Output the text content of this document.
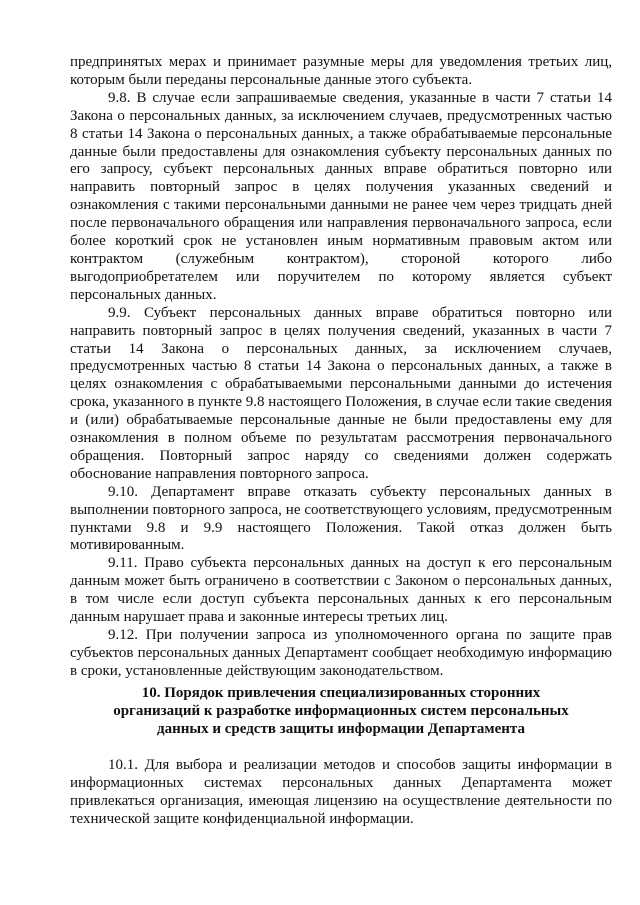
предпринятых мерах и принимает разумные меры для уведомления третьих лиц, которым были переданы персональные данные этого субъекта.

9.8. В случае если запрашиваемые сведения, указанные в части 7 статьи 14 Закона о персональных данных, за исключением случаев, предусмотренных частью 8 статьи 14 Закона о персональных данных, а также обрабатываемые персональные данные были предоставлены для ознакомления субъекту персональных данных по его запросу, субъект персональных данных вправе обратиться повторно или направить повторный запрос в целях получения указанных сведений и ознакомления с такими персональными данными не ранее чем через тридцать дней после первоначального обращения или направления первоначального запроса, если более короткий срок не установлен иным нормативным правовым актом или контрактом (служебным контрактом), стороной которого либо выгодоприобретателем или поручителем по которому является субъект персональных данных.

9.9. Субъект персональных данных вправе обратиться повторно или направить повторный запрос в целях получения сведений, указанных в части 7 статьи 14 Закона о персональных данных, за исключением случаев, предусмотренных частью 8 статьи 14 Закона о персональных данных, а также в целях ознакомления с обрабатываемыми персональными данными до истечения срока, указанного в пункте 9.8 настоящего Положения, в случае если такие сведения и (или) обрабатываемые персональные данные не были предоставлены ему для ознакомления в полном объеме по результатам рассмотрения первоначального обращения. Повторный запрос наряду со сведениями должен содержать обоснование направления повторного запроса.

9.10. Департамент вправе отказать субъекту персональных данных в выполнении повторного запроса, не соответствующего условиям, предусмотренным пунктами 9.8 и 9.9 настоящего Положения. Такой отказ должен быть мотивированным.

9.11. Право субъекта персональных данных на доступ к его персональным данным может быть ограничено в соответствии с Законом о персональных данных, в том числе если доступ субъекта персональных данных к его персональным данным нарушает права и законные интересы третьих лиц.

9.12. При получении запроса из уполномоченного органа по защите прав субъектов персональных данных Департамент сообщает необходимую информацию в сроки, установленные действующим законодательством.

10. Порядок привлечения специализированных сторонних
организаций к разработке информационных систем персональных
данных и средств защиты информации Департамента

10.1. Для выбора и реализации методов и способов защиты информации в информационных системах персональных данных Департамента может привлекаться организация, имеющая лицензию на осуществление деятельности по технической защите конфиденциальной информации.
